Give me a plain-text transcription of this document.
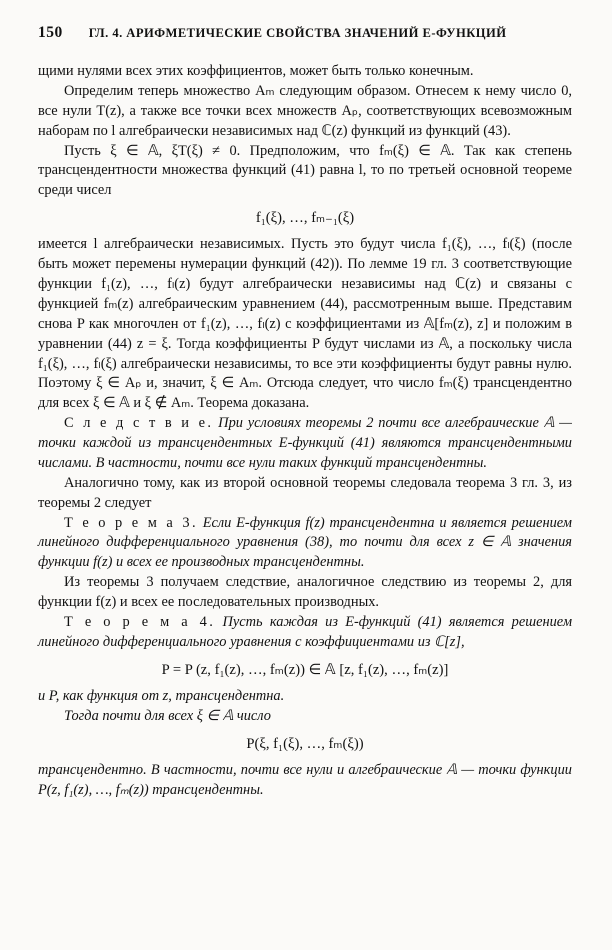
150 ГЛ. 4. АРИФМЕТИЧЕСКИЕ СВОЙСТВА ЗНАЧЕНИЙ Е-ФУНКЦИЙ

щими нулями всех этих коэффициентов, может быть только конечным.

Определим теперь множество Aₘ следующим образом. Отнесем к нему число 0, все нули T(z), а также все точки всех множеств Aₚ, соответствующих всевозможным наборам по l алгебраически независимых над ℂ(z) функций из функций (43).

Пусть ξ ∈ 𝔸, ξT(ξ) ≠ 0. Предположим, что fₘ(ξ) ∈ 𝔸. Так как степень трансцендентности множества функций (41) равна l, то по третьей основной теореме среди чисел

f₁(ξ), …, fₘ₋₁(ξ)

имеется l алгебраически независимых. Пусть это будут числа f₁(ξ), …, fₗ(ξ) (после быть может перемены нумерации функций (42)). По лемме 19 гл. 3 соответствующие функции f₁(z), …, fₗ(z) будут алгебраически независимы над ℂ(z) и связаны с функцией fₘ(z) алгебраическим уравнением (44), рассмотренным выше. Представим снова P как многочлен от f₁(z), …, fₗ(z) с коэффициентами из 𝔸[fₘ(z), z] и положим в уравнении (44) z = ξ. Тогда коэффициенты P будут числами из 𝔸, а поскольку числа f₁(ξ), …, fₗ(ξ) алгебраически независимы, то все эти коэффициенты будут равны нулю. Поэтому ξ ∈ Aₚ и, значит, ξ ∈ Aₘ. Отсюда следует, что число fₘ(ξ) трансцендентно для всех ξ ∈ 𝔸 и ξ ∉ Aₘ. Теорема доказана.

С л е д с т в и е. При условиях теоремы 2 почти все алгебраические 𝔸 — точки каждой из трансцендентных Е-функций (41) являются трансцендентными числами. В частности, почти все нули таких функций трансцендентны.

Аналогично тому, как из второй основной теоремы следовала теорема 3 гл. 3, из теоремы 2 следует

Т е о р е м а 3. Если Е-функция f(z) трансцендентна и является решением линейного дифференциального уравнения (38), то почти для всех z ∈ 𝔸 значения функции f(z) и всех ее производных трансцендентны.

Из теоремы 3 получаем следствие, аналогичное следствию из теоремы 2, для функции f(z) и всех ее последовательных производных.

Т е о р е м а 4. Пусть каждая из Е-функций (41) является решением линейного дифференциального уравнения с коэффициентами из ℂ[z],

P = P (z, f₁(z), …, fₘ(z)) ∈ 𝔸 [z, f₁(z), …, fₘ(z)]

и P, как функция от z, трансцендентна.

Тогда почти для всех ξ ∈ 𝔸 число

P(ξ, f₁(ξ), …, fₘ(ξ))

трансцендентно. В частности, почти все нули и алгебраические 𝔸 — точки функции P(z, f₁(z), …, fₘ(z)) трансцендентны.
